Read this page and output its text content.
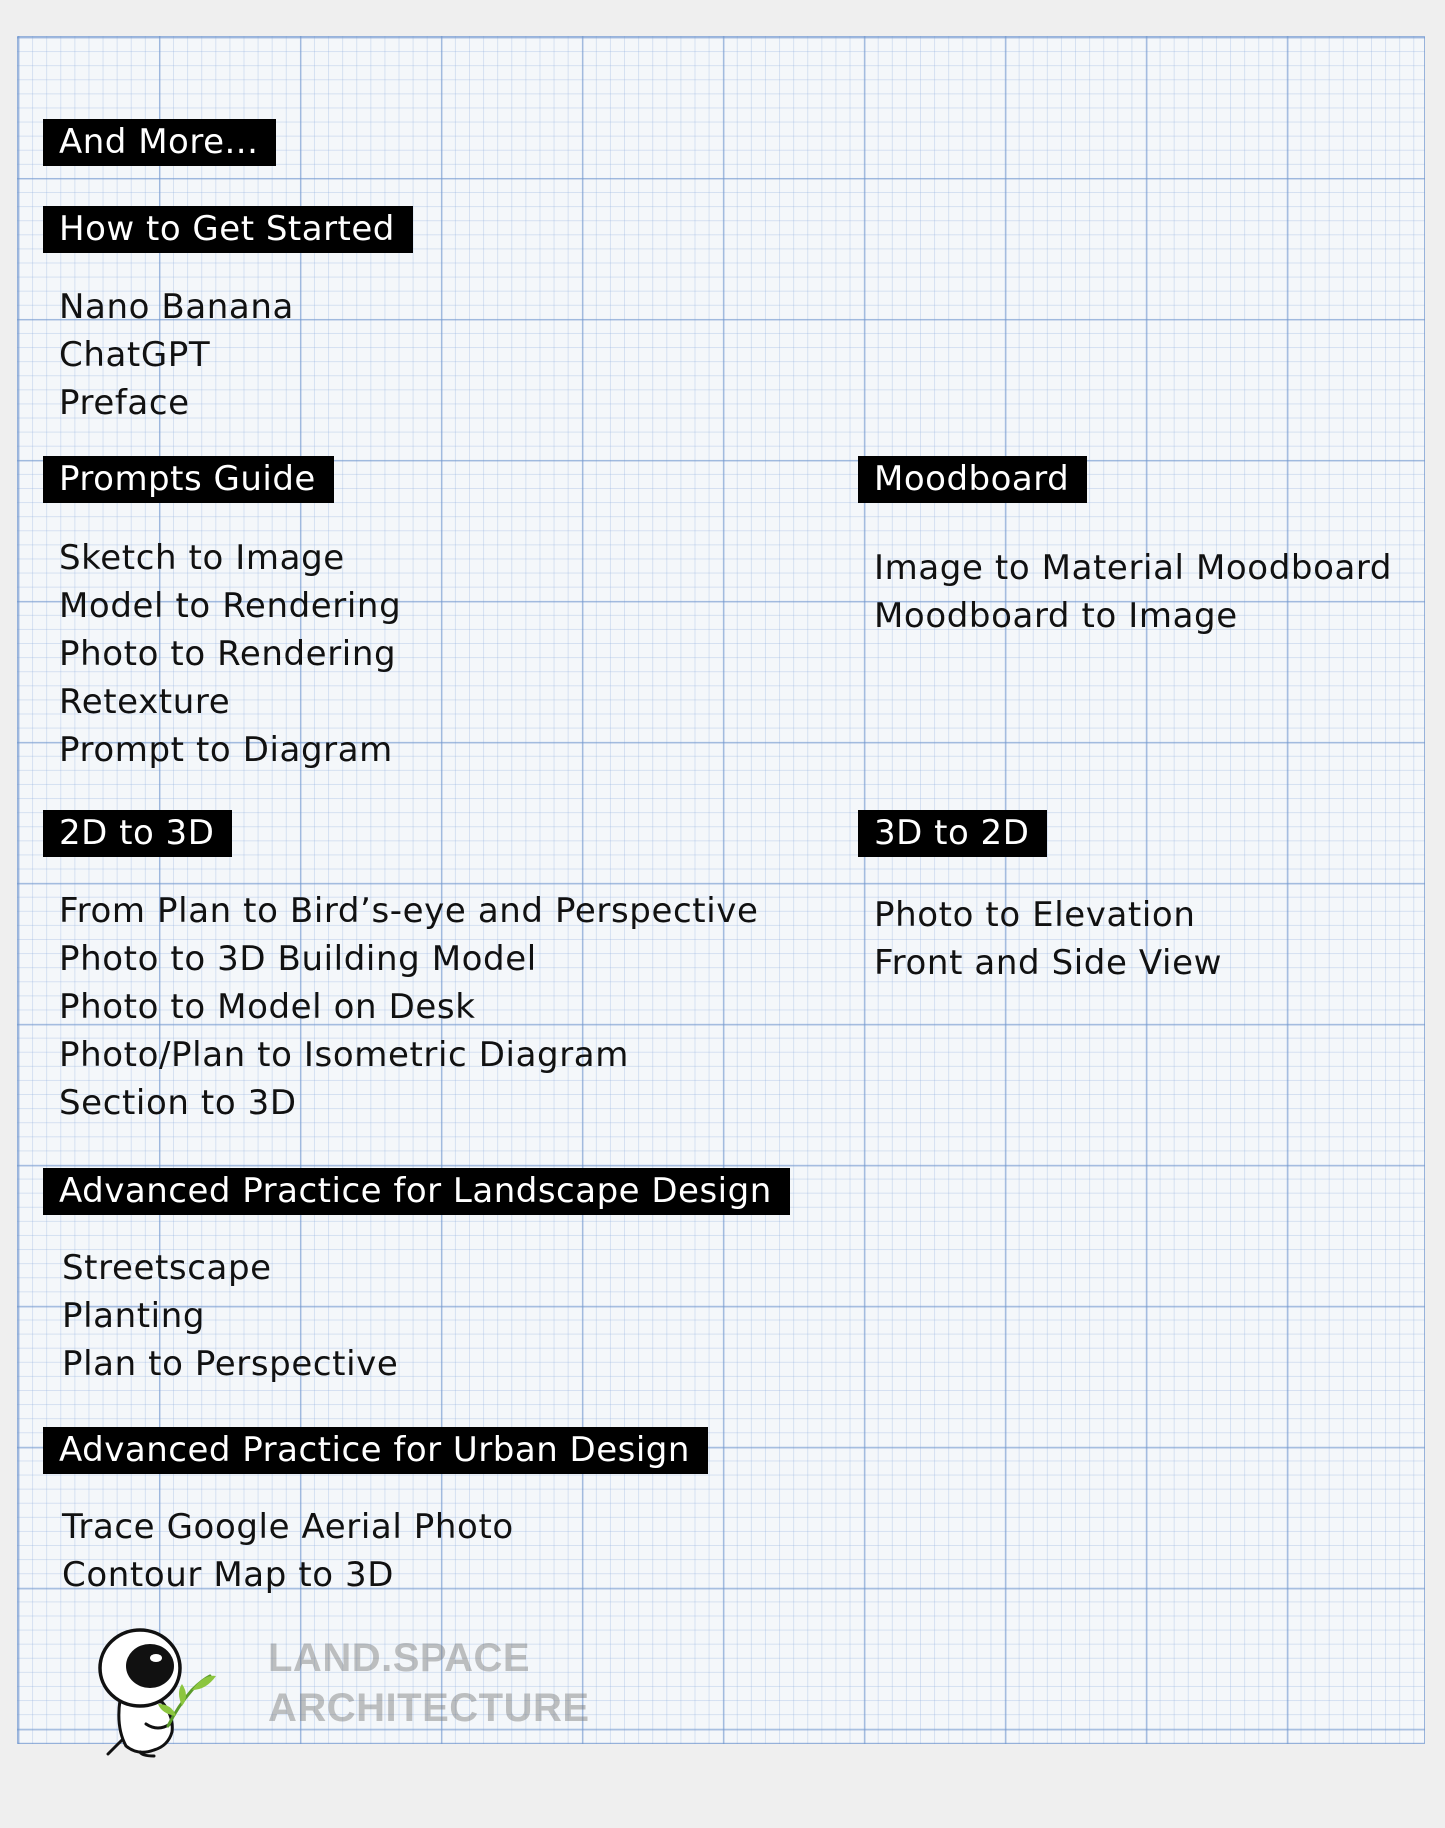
And More...
How to Get Started
Nano Banana
ChatGPT
Preface
Prompts Guide
Sketch to Image
Model to Rendering
Photo to Rendering
Retexture
Prompt to Diagram
Moodboard
Image to Material Moodboard
Moodboard to Image
2D to 3D
From Plan to Bird’s-eye and Perspective
Photo to 3D Building Model
Photo to Model on Desk
Photo/Plan to Isometric Diagram
Section to 3D
3D to 2D
Photo to Elevation
Front and Side View
Advanced Practice for Landscape Design
Streetscape
Planting
Plan to Perspective
Advanced Practice for Urban Design
Trace Google Aerial Photo
Contour Map to 3D
LAND.SPACE
ARCHITECTURE
